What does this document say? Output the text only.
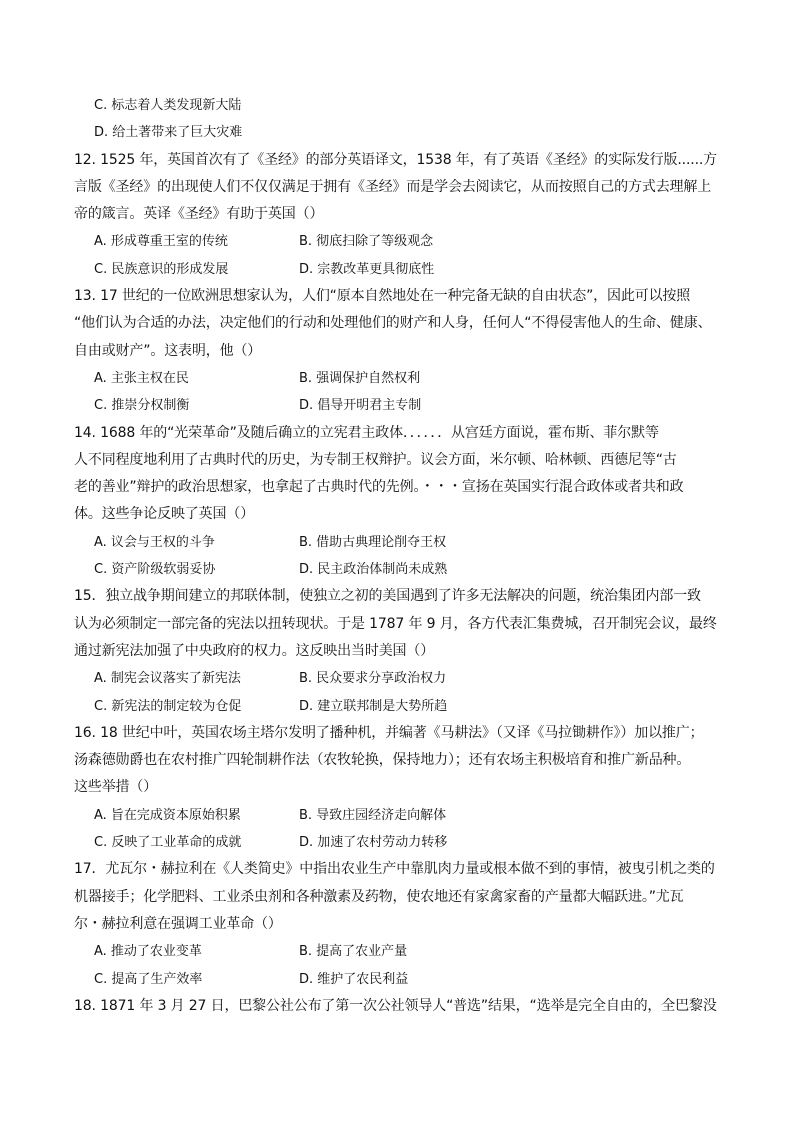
C. 标志着人类发现新大陆
D. 给土著带来了巨大灾难
12. 1525 年，英国首次有了《圣经》的部分英语译文，1538 年，有了英语《圣经》的实际发行版......方
言版《圣经》的出现使人们不仅仅满足于拥有《圣经》而是学会去阅读它，从而按照自己的方式去理解上
帝的箴言。英译《圣经》有助于英国（）
A. 形成尊重王室的传统	B. 彻底扫除了等级观念
C. 民族意识的形成发展	D. 宗教改革更具彻底性
13. 17 世纪的一位欧洲思想家认为，人们“原本自然地处在一种完备无缺的自由状态”，因此可以按照
“他们认为合适的办法，决定他们的行动和处理他们的财产和人身，任何人“不得侵害他人的生命、健康、
自由或财产”。这表明，他（）
A. 主张主权在民	B. 强调保护自然权利
C. 推崇分权制衡	D. 倡导开明君主专制
14. 1688 年的“光荣革命”及随后确立的立宪君主政体．．．．．．从宫廷方面说，霍布斯、菲尔默等
人不同程度地利用了古典时代的历史，为专制王权辩护。议会方面，米尔顿、哈林顿、西德尼等“古
老的善业”辩护的政治思想家，也拿起了古典时代的先例。・・・宣扬在英国实行混合政体或者共和政
体。这些争论反映了英国（）
A. 议会与王权的斗争	B. 借助古典理论削夺王权
C. 资产阶级软弱妥协	D. 民主政治体制尚未成熟
15．独立战争期间建立的邦联体制，使独立之初的美国遇到了许多无法解决的问题，统治集团内部一致
认为必须制定一部完备的宪法以扭转现状。于是 1787 年 9 月，各方代表汇集费城，召开制宪会议，最终
通过新宪法加强了中央政府的权力。这反映出当时美国（）
A. 制宪会议落实了新宪法	B. 民众要求分享政治权力
C. 新宪法的制定较为仓促	D. 建立联邦制是大势所趋
16. 18 世纪中叶，英国农场主塔尔发明了播种机，并编著《马耕法》（又译《马拉锄耕作》）加以推广；
汤森德勋爵也在农村推广四轮制耕作法（农牧轮换，保持地力）；还有农场主积极培育和推广新品种。
这些举措（）
A. 旨在完成资本原始积累	B. 导致庄园经济走向解体
C. 反映了工业革命的成就	D. 加速了农村劳动力转移
17．尤瓦尔・赫拉利在《人类简史》中指出农业生产中靠肌肉力量或根本做不到的事情，被曳引机之类的
机器接手；化学肥料、工业杀虫剂和各种激素及药物，使农地还有家禽家畜的产量都大幅跃进。”尤瓦
尔・赫拉利意在强调工业革命（）
A. 推动了农业变革	B. 提高了农业产量
C. 提高了生产效率	D. 维护了农民利益
18. 1871 年 3 月 27 日，巴黎公社公布了第一次公社领导人“普选”结果，“选举是完全自由的，全巴黎没
